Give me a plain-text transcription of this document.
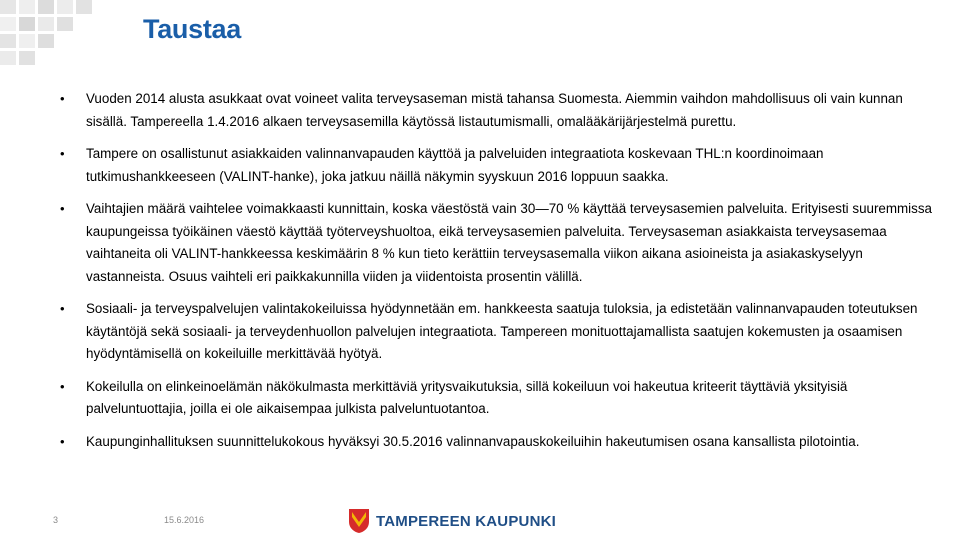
Taustaa
• Vuoden 2014 alusta asukkaat ovat voineet valita terveysaseman mistä tahansa Suomesta. Aiemmin vaihdon mahdollisuus oli vain kunnan sisällä. Tampereella 1.4.2016 alkaen terveysasemilla käytössä listautumismalli, omalääkärijärjestelmä purettu.
• Tampere on osallistunut asiakkaiden valinnanvapauden käyttöä ja palveluiden integraatiota koskevaan THL:n koordinoimaan tutkimushankkeeseen (VALINT-hanke), joka jatkuu näillä näkymin syyskuun 2016 loppuun saakka.
• Vaihtajien määrä vaihtelee voimakkaasti kunnittain, koska väestöstä vain 30—70 % käyttää terveysasemien palveluita. Erityisesti suuremmissa kaupungeissa työikäinen väestö käyttää työterveyshuoltoa, eikä terveysasemien palveluita. Terveysaseman asiakkaista terveysasemaa vaihtaneita oli VALINT-hankkeessa keskimäärin 8 % kun tieto kerättiin terveysasemalla viikon aikana asioineista ja asiakaskyselyyn vastanneista. Osuus vaihteli eri paikkakunnilla viiden ja viidentoista prosentin välillä.
• Sosiaali- ja terveyspalvelujen valintakokeiluissa hyödynnetään em. hankkeesta saatuja tuloksia, ja edistetään valinnanvapauden toteutuksen käytäntöjä sekä sosiaali- ja terveydenhuollon palvelujen integraatiota. Tampereen monituottajamallista saatujen kokemusten ja osaamisen hyödyntämisellä on kokeiluille merkittävää hyötyä.
• Kokeilulla on elinkeinoelämän näkökulmasta merkittäviä yritysvaikutuksia, sillä kokeiluun voi hakeutua kriteerit täyttäviä yksityisiä palveluntuottajia, joilla ei ole aikaisempaa julkista palveluntuotantoa.
• Kaupunginhallituksen suunnittelukokous hyväksyi 30.5.2016 valinnanvapauskokeiluihin hakeutumisen osana kansallista pilotointia.
3	15.6.2016	TAMPEREEN KAUPUNKI
